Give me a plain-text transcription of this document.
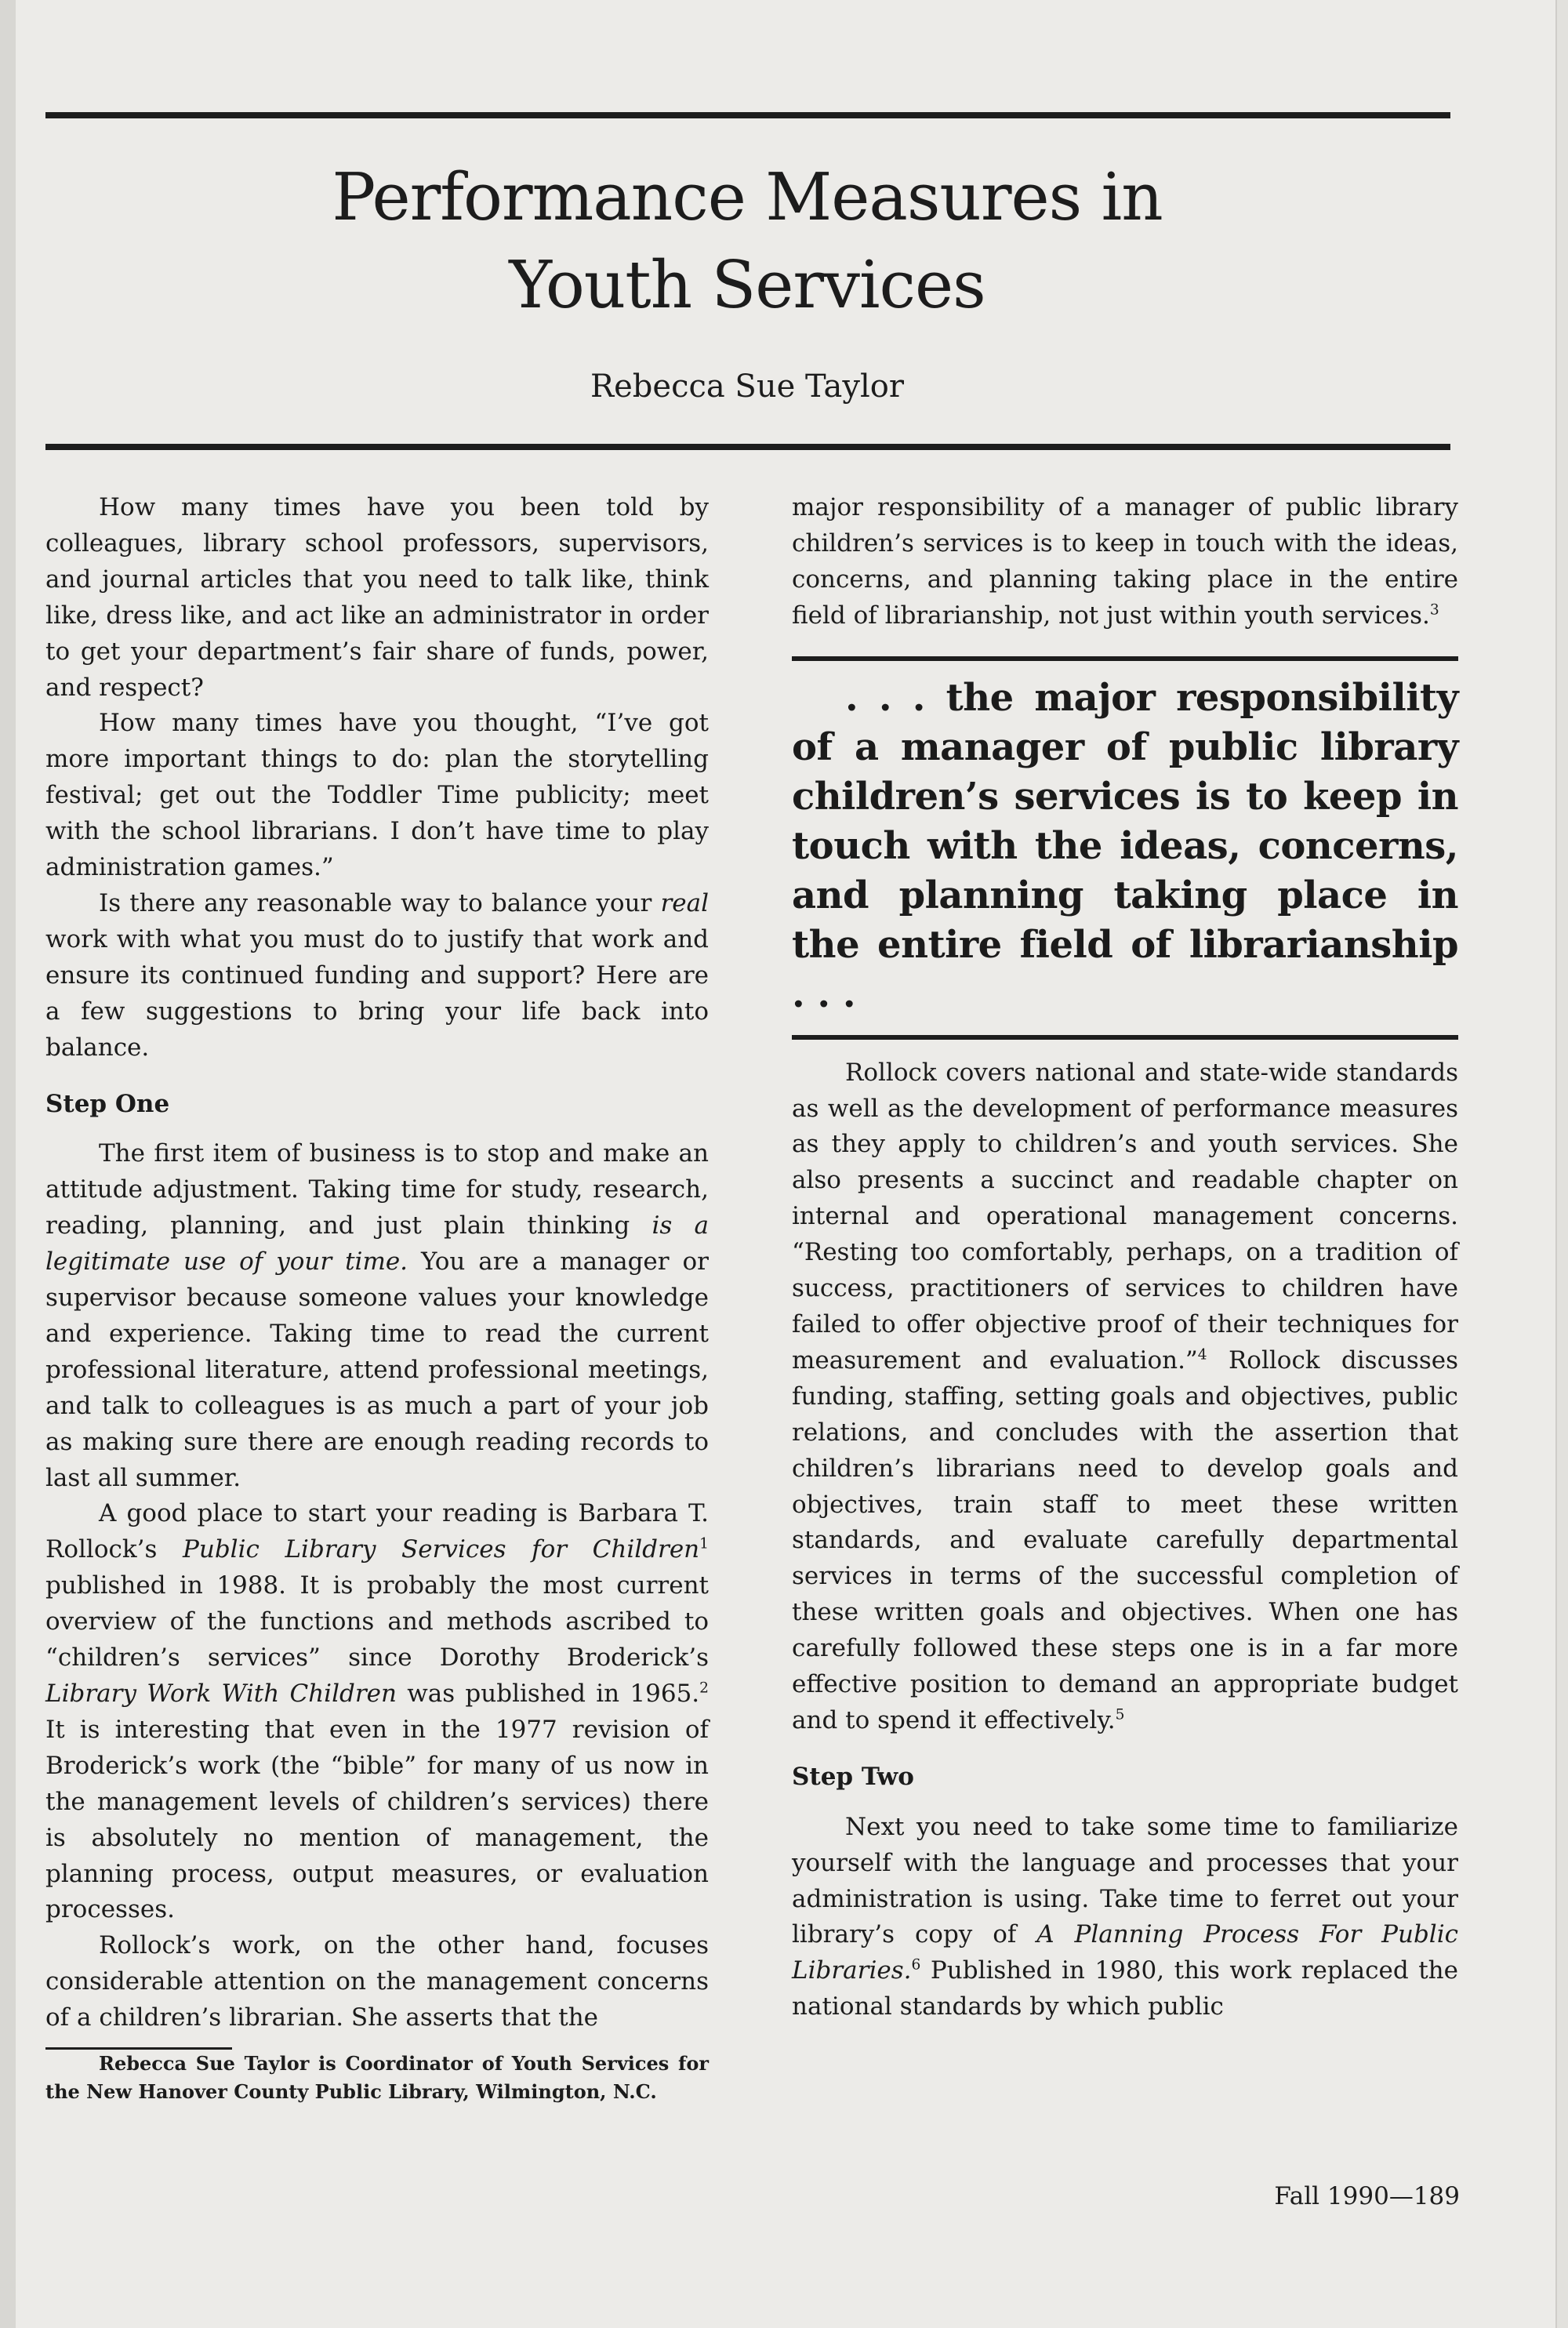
Performance Measures in
Youth Services
Rebecca Sue Taylor

How many times have you been told by colleagues, library school professors, supervisors, and journal articles that you need to talk like, think like, dress like, and act like an administrator in order to get your department’s fair share of funds, power, and respect?

How many times have you thought, “I’ve got more important things to do: plan the storytelling festival; get out the Toddler Time publicity; meet with the school librarians. I don’t have time to play administration games.”

Is there any reasonable way to balance your real work with what you must do to justify that work and ensure its continued funding and support? Here are a few suggestions to bring your life back into balance.

Step One

The first item of business is to stop and make an attitude adjustment. Taking time for study, research, reading, planning, and just plain thinking is a legitimate use of your time. You are a manager or supervisor because someone values your knowledge and experience. Taking time to read the current professional literature, attend professional meetings, and talk to colleagues is as much a part of your job as making sure there are enough reading records to last all summer.

A good place to start your reading is Barbara T. Rollock’s Public Library Services for Children$^1$ published in 1988. It is probably the most current overview of the functions and methods ascribed to “children’s services” since Dorothy Broderick’s Library Work With Children was published in 1965.$^2$ It is interesting that even in the 1977 revision of Broderick’s work (the “bible” for many of us now in the management levels of children’s services) there is absolutely no mention of management, the planning process, output measures, or evaluation processes.

Rollock’s work, on the other hand, focuses considerable attention on the management concerns of a children’s librarian. She asserts that the

Rebecca Sue Taylor is Coordinator of Youth Services for the New Hanover County Public Library, Wilmington, N.C.

major responsibility of a manager of public library children’s services is to keep in touch with the ideas, concerns, and planning taking place in the entire field of librarianship, not just within youth services.$^3$

. . . the major responsibility of a manager of public library children’s services is to keep in touch with the ideas, concerns, and planning taking place in the entire field of librarianship . . .

Rollock covers national and state-wide standards as well as the development of performance measures as they apply to children’s and youth services. She also presents a succinct and readable chapter on internal and operational management concerns. “Resting too comfortably, perhaps, on a tradition of success, practitioners of services to children have failed to offer objective proof of their techniques for measurement and evaluation.”$^4$ Rollock discusses funding, staffing, setting goals and objectives, public relations, and concludes with the assertion that children’s librarians need to develop goals and objectives, train staff to meet these written standards, and evaluate carefully departmental services in terms of the successful completion of these written goals and objectives. When one has carefully followed these steps one is in a far more effective position to demand an appropriate budget and to spend it effectively.$^5$

Step Two

Next you need to take some time to familiarize yourself with the language and processes that your administration is using. Take time to ferret out your library’s copy of A Planning Process For Public Libraries.$^6$ Published in 1980, this work replaced the national standards by which public

Fall 1990—189
